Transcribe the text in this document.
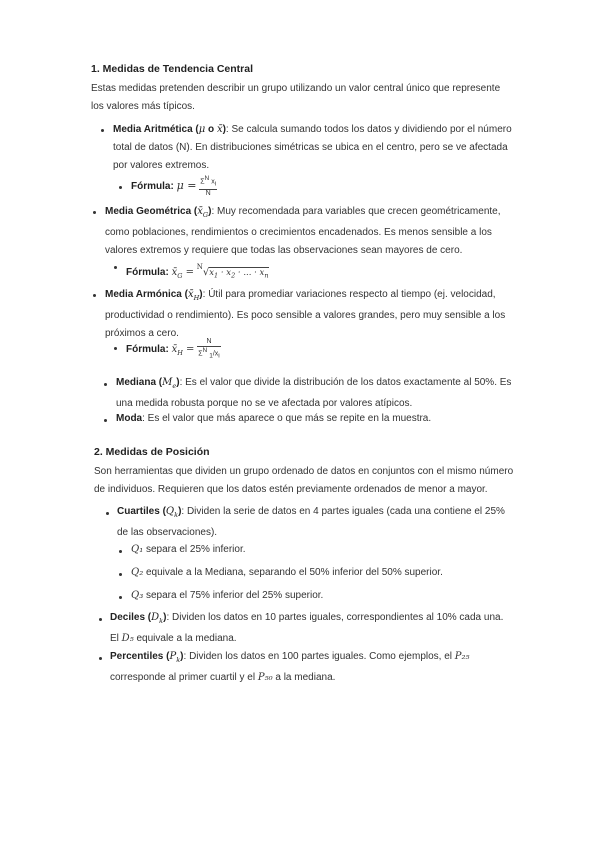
1. Medidas de Tendencia Central
Estas medidas pretenden describir un grupo utilizando un valor central único que represente
los valores más típicos.
Media Aritmética (μ o x̄): Se calcula sumando todos los datos y dividiendo por el número
total de datos (N). En distribuciones simétricas se ubica en el centro, pero se ve afectada
por valores extremos.
Fórmula: $\mu = \frac{\Sigma^N x_i}{N}$
Media Geométrica $(x̄_G)$: Muy recomendada para variables que crecen geométricamente,
como poblaciones, rendimientos o crecimientos encadenados. Es menos sensible a los
valores extremos y requiere que todas las observaciones sean mayores de cero.
Fórmula: $x̄_G = ^N√x_1 \cdot x_2$ · ... · $x_n$
Media Armónica $(x̄_H)$: Útil para promediar variaciones respecto al tiempo (ej. velocidad,
productividad o rendimiento). Es poco sensible a valores grandes, pero muy sensible a los
próximos a cero.
Fórmula: $x̄_H = \frac{N}{\Sigma^N _1/x_i}$
Mediana $(M_e)$: Es el valor que divide la distribución de los datos exactamente al 50%. Es
una medida robusta porque no se ve afectada por valores atípicos.
Moda: Es el valor que más aparece o que más se repite en la muestra.
2. Medidas de Posición
Son herramientas que dividen un grupo ordenado de datos en conjuntos con el mismo número
de individuos. Requieren que los datos estén previamente ordenados de menor a mayor.
Cuartiles $(Q_k)$: Dividen la serie de datos en 4 partes iguales (cada una contiene el 25%
de las observaciones).
Q₁ separa el 25% inferior.
Q₂ equivale a la Mediana, separando el 50% inferior del 50% superior.
Q₃ separa el 75% inferior del 25% superior.
Deciles $(D_k)$: Dividen los datos en 10 partes iguales, correspondientes al 10% cada una.
El D₅ equivale a la mediana.
Percentiles $(P_k)$: Dividen los datos en 100 partes iguales. Como ejemplos, el P₂₅
corresponde al primer cuartil y el P₅₀ a la mediana.
